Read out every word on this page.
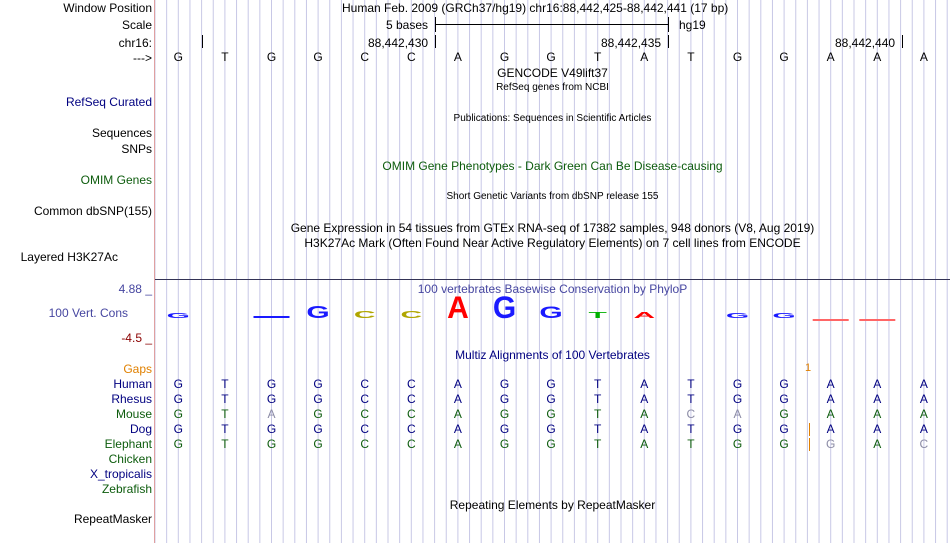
Window Position
Scale
chr16:
--->
Human Feb. 2009 (GRCh37/hg19) chr16:88,442,425-88,442,441 (17 bp)
5 bases	hg19
88,442,430	88,442,435	88,442,440
G	T	G	G	C	C	A	G	G	T	A	T	G	G	A	A	A
GENCODE V49lift37
RefSeq genes from NCBI
Publications: Sequences in Scientific Articles
OMIM Gene Phenotypes - Dark Green Can Be Disease-causing
Short Genetic Variants from dbSNP release 155
Gene Expression in 54 tissues from GTEx RNA-seq of 17382 samples, 948 donors (V8, Aug 2019)
H3K27Ac Mark (Often Found Near Active Regulatory Elements) on 7 cell lines from ENCODE
RefSeq Curated
Sequences
SNPs
OMIM Genes
Common dbSNP(155)
Layered H3K27Ac
100 vertebrates Basewise Conservation by PhyloP
4.88 _
100 Vert. Cons
-4.5 _
G	G C C A G G T A G G
Multiz Alignments of 100 Vertebrates
Gaps	1
Human	G	T	G	G	C	C	A	G	G	T	A	T	G	G	A	A	A
Rhesus	G	T	G	G	C	C	A	G	G	T	A	T	G	G	A	A	A
Mouse	G	T	A	G	C	C	A	G	G	T	A	C	A	G	A	A	A
Dog	G	T	G	G	C	C	A	G	G	T	A	T	G	G	A	A	A
Elephant	G	T	G	G	C	C	A	G	G	T	A	T	G	G	G	A	C
Chicken
X_tropicalis
Zebrafish
Repeating Elements by RepeatMasker
RepeatMasker
